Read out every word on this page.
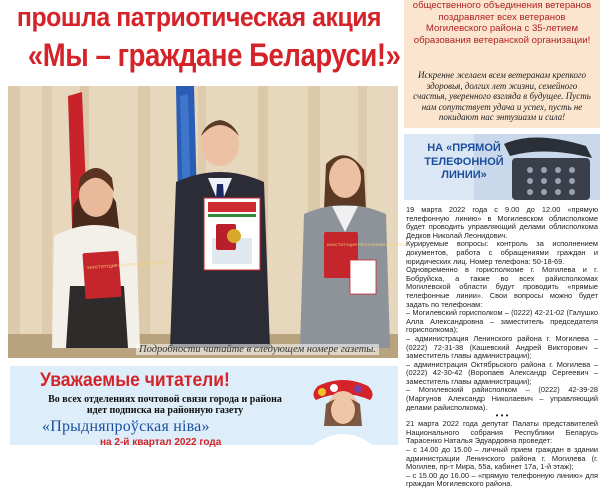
прошла патриотическая акция
«Мы – граждане Беларуси!»
КОНСТИТУЦИЯ РЕСПУБЛИКИ БЕЛАРУСЬ
КОНСТИТУЦИЯ РЕСПУБЛИКИ БЕЛАРУСЬ
Подробности читайте в следующем номере газеты.
Уважаемые читатели!
Во всех отделениях почтовой связи города и района идет подписка на районную газету
«Прыдняпроўская ніва»
на 2-й квартал 2022 года
общественного объединения ветеранов поздравляет всех ветеранов Могилевского района с 35-летием образования ветеранской организации!
Искренне желаем всем ветеранам крепкого здоровья, долгих лет жизни, семейного счастья, уверенного взгляда в будущее. Пусть нам сопутствует удача и успех, пусть не покидают нас энтузиазм и сила!
НА «ПРЯМОЙ ТЕЛЕФОННОЙ ЛИНИИ»

19 марта 2022 года с 9.00 до 12.00 «прямую телефонную линию» в Могилевском облисполкоме будет проводить управляющий делами облисполкома Дедков Николай Леонидович.

Курируемые вопросы: контроль за исполнением документов, работа с обращениями граждан и юридических лиц. Номер телефона: 50-18-69.

Одновременно в горисполкоме г. Могилева и г. Бобруйска, а также во всех райисполкомах Могилевской области будут проводить «прямые телефонные линии». Свои вопросы можно будет задать по телефонам:

– Могилевский горисполком – (0222) 42-21-02 (Галушко Алла Александровна – заместитель председателя горисполкома);

– администрация Ленинского района г. Могилева – (0222) 72-31-38 (Кашевский Андрей Викторович – заместитель главы администрации);

– администрация Октябрьского района г. Могилева – (0222) 42-30-42 (Воропаев Александр Сергеевич – заместитель главы администрации);

– Могилевский райисполком – (0222) 42-39-28 (Маргунов Александр Николаевич – управляющий делами райисполкома).

• • •

21 марта 2022 года депутат Палаты представителей Национального собрания Республики Беларусь Тарасенко Наталья Эдуардовна проведет:

– с 14.00 до 15.00 – личный прием граждан в здании администрации Ленинского района г. Могилева (г. Могилев, пр-т Мира, 55а, кабинет 17а, 1-й этаж);

– с 15.00 до 16.00 – «прямую телефонную линию» для граждан Могилевского района.
